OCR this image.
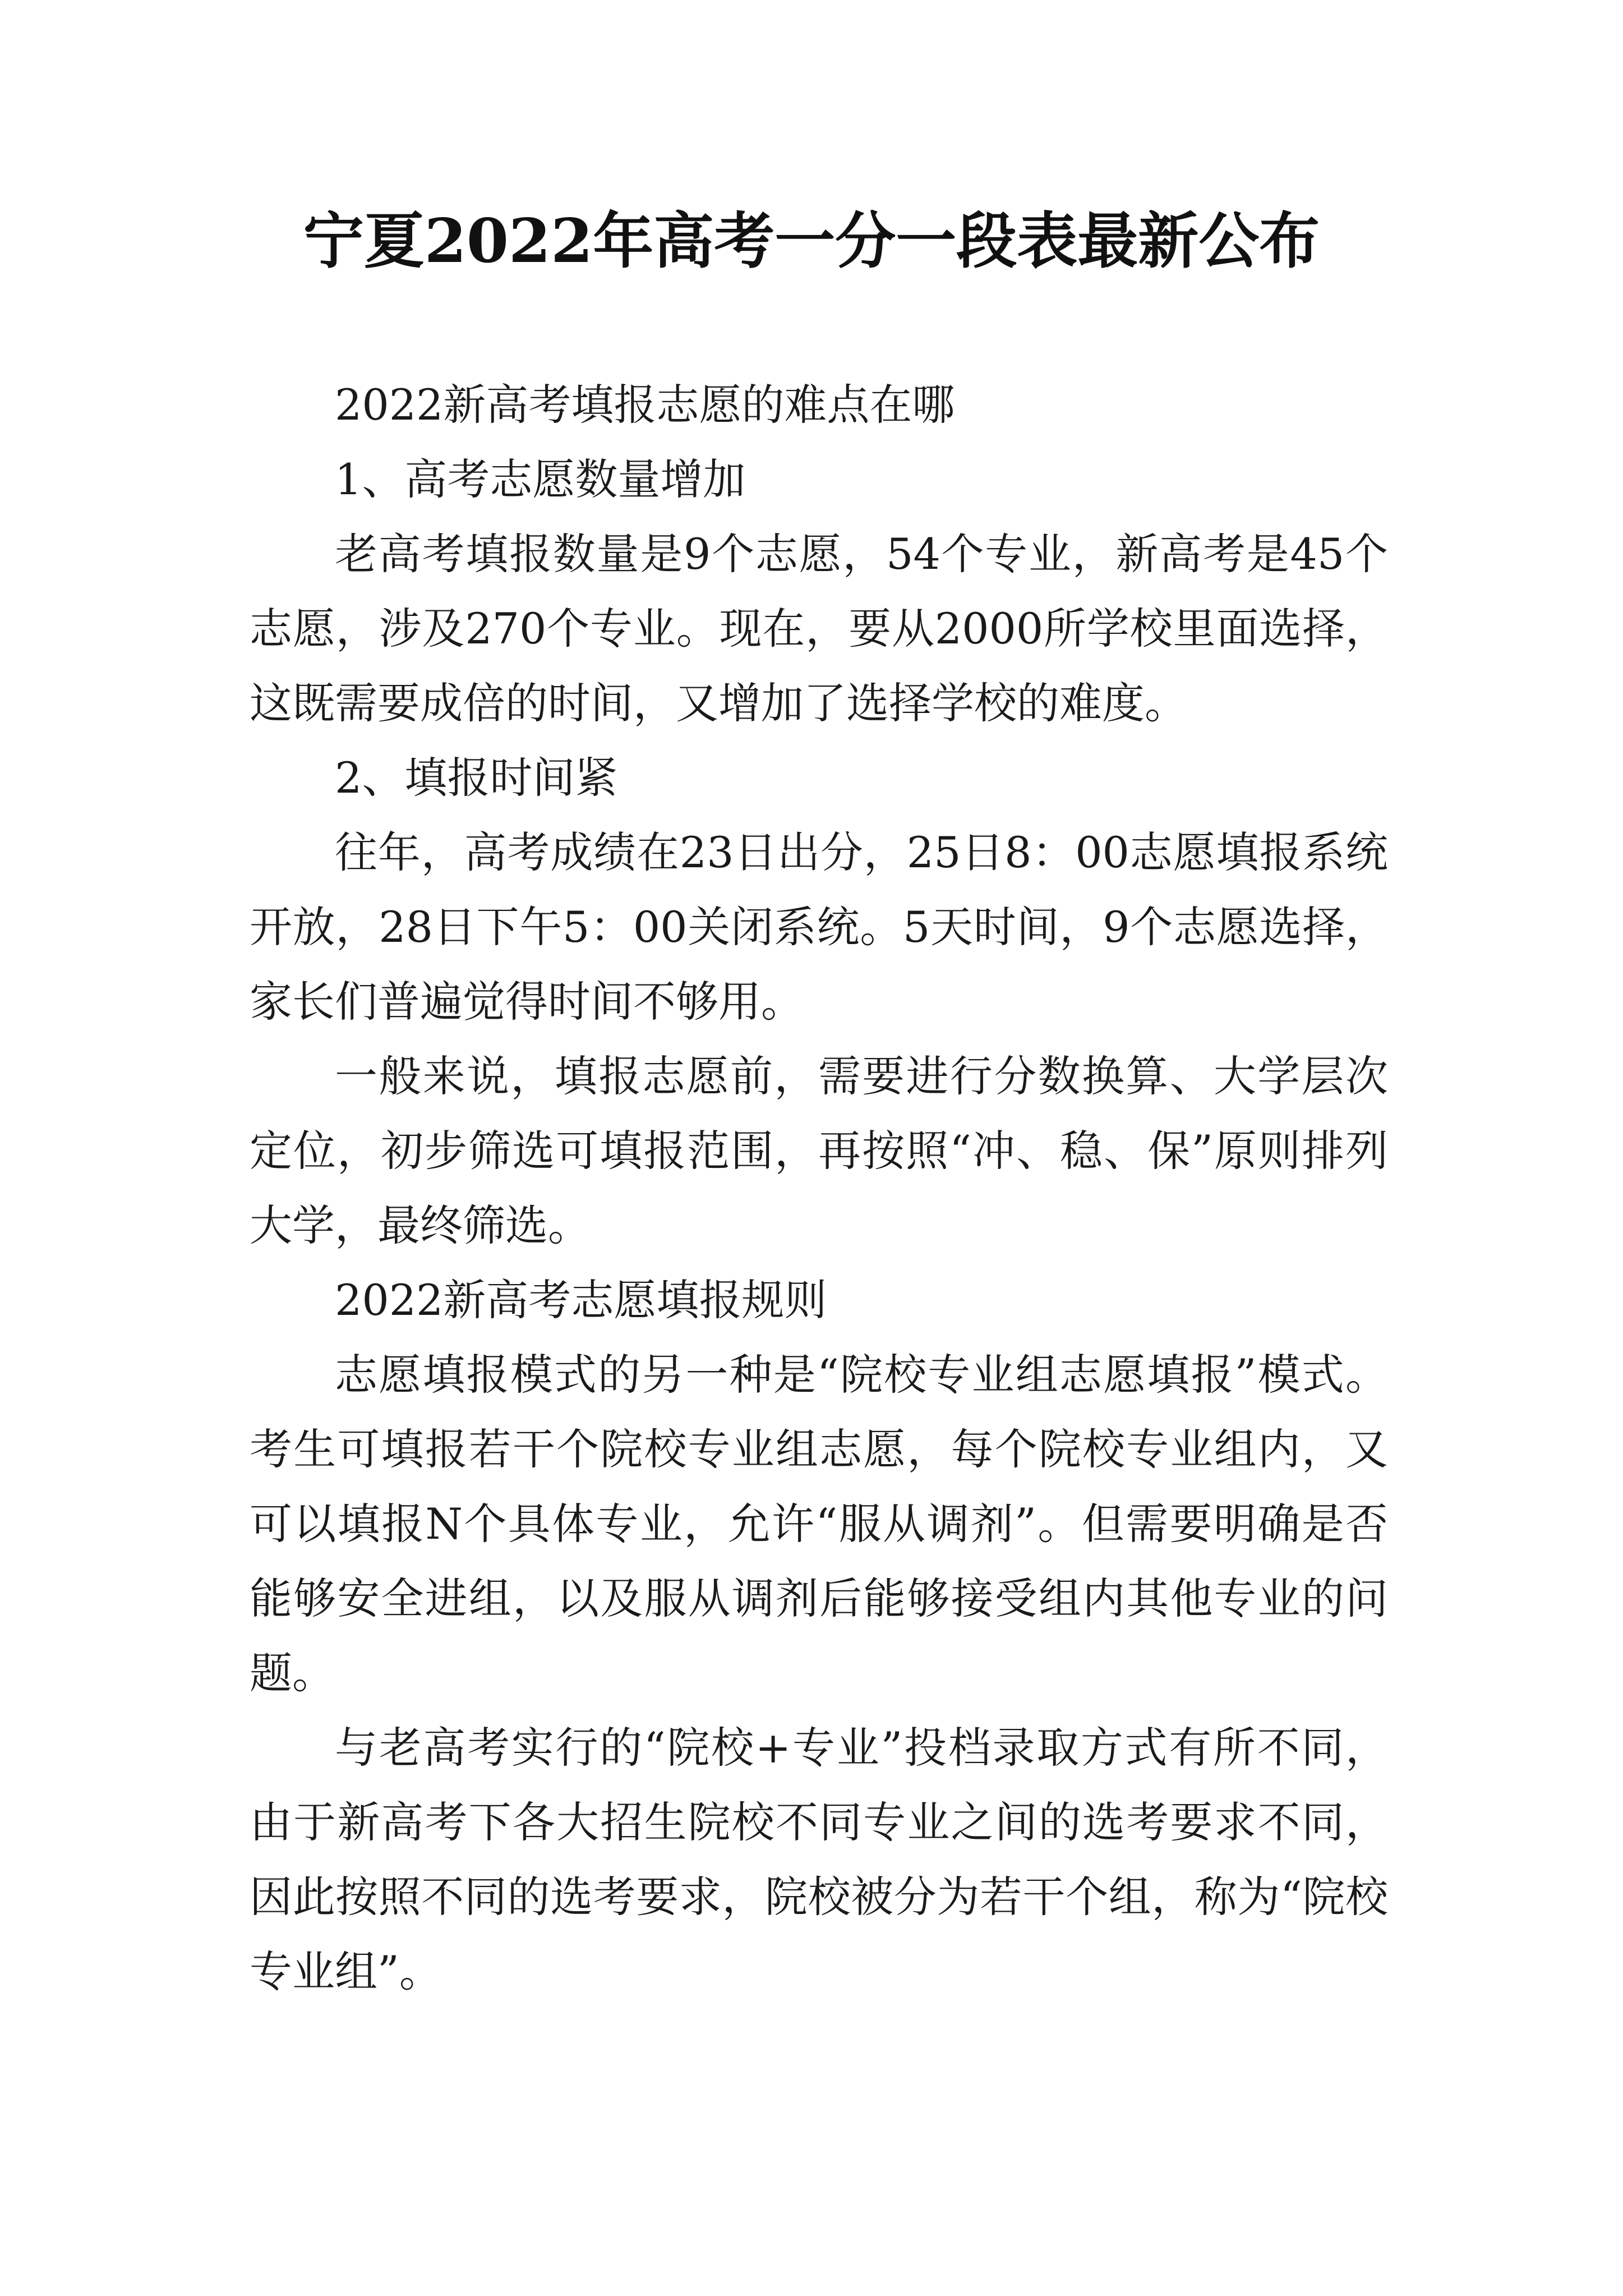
宁夏2022年高考一分一段表最新公布

2022新高考填报志愿的难点在哪

1、高考志愿数量增加

老高考填报数量是9个志愿，54个专业，新高考是45个志愿，涉及270个专业。现在，要从2000所学校里面选择，这既需要成倍的时间，又增加了选择学校的难度。

2、填报时间紧

往年，高考成绩在23日出分，25日8：00志愿填报系统开放，28日下午5：00关闭系统。5天时间，9个志愿选择，家长们普遍觉得时间不够用。

一般来说，填报志愿前，需要进行分数换算、大学层次定位，初步筛选可填报范围，再按照“冲、稳、保”原则排列大学，最终筛选。

2022新高考志愿填报规则

志愿填报模式的另一种是“院校专业组志愿填报”模式。考生可填报若干个院校专业组志愿，每个院校专业组内，又可以填报N个具体专业，允许“服从调剂”。但需要明确是否能够安全进组，以及服从调剂后能够接受组内其他专业的问题。

与老高考实行的“院校+专业”投档录取方式有所不同，由于新高考下各大招生院校不同专业之间的选考要求不同，因此按照不同的选考要求，院校被分为若干个组，称为“院校专业组”。
